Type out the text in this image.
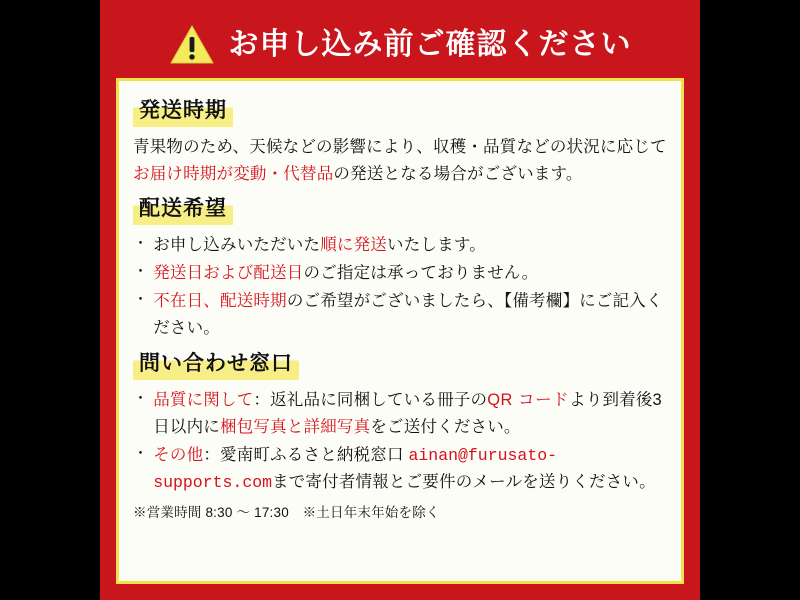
お申し込み前ご確認ください
発送時期
青果物のため、天候などの影響により、収穫・品質などの状況に応じてお届け時期が変動・代替品の発送となる場合がございます。
配送希望
・ お申し込みいただいた順に発送いたします。
・ 発送日および配送日のご指定は承っておりません。
・ 不在日、配送時期のご希望がございましたら、【備考欄】にご記入ください。
問い合わせ窓口
・ 品質に関して：返礼品に同梱している冊子のQR コードより到着後3日以内に梱包写真と詳細写真をご送付ください。
・ その他：愛南町ふるさと納税窓口 ainan@furusato-supports.comまで寄付者情報とご要件のメールを送りください。
※営業時間 8:30 〜 17:30　※土日年末年始を除く
